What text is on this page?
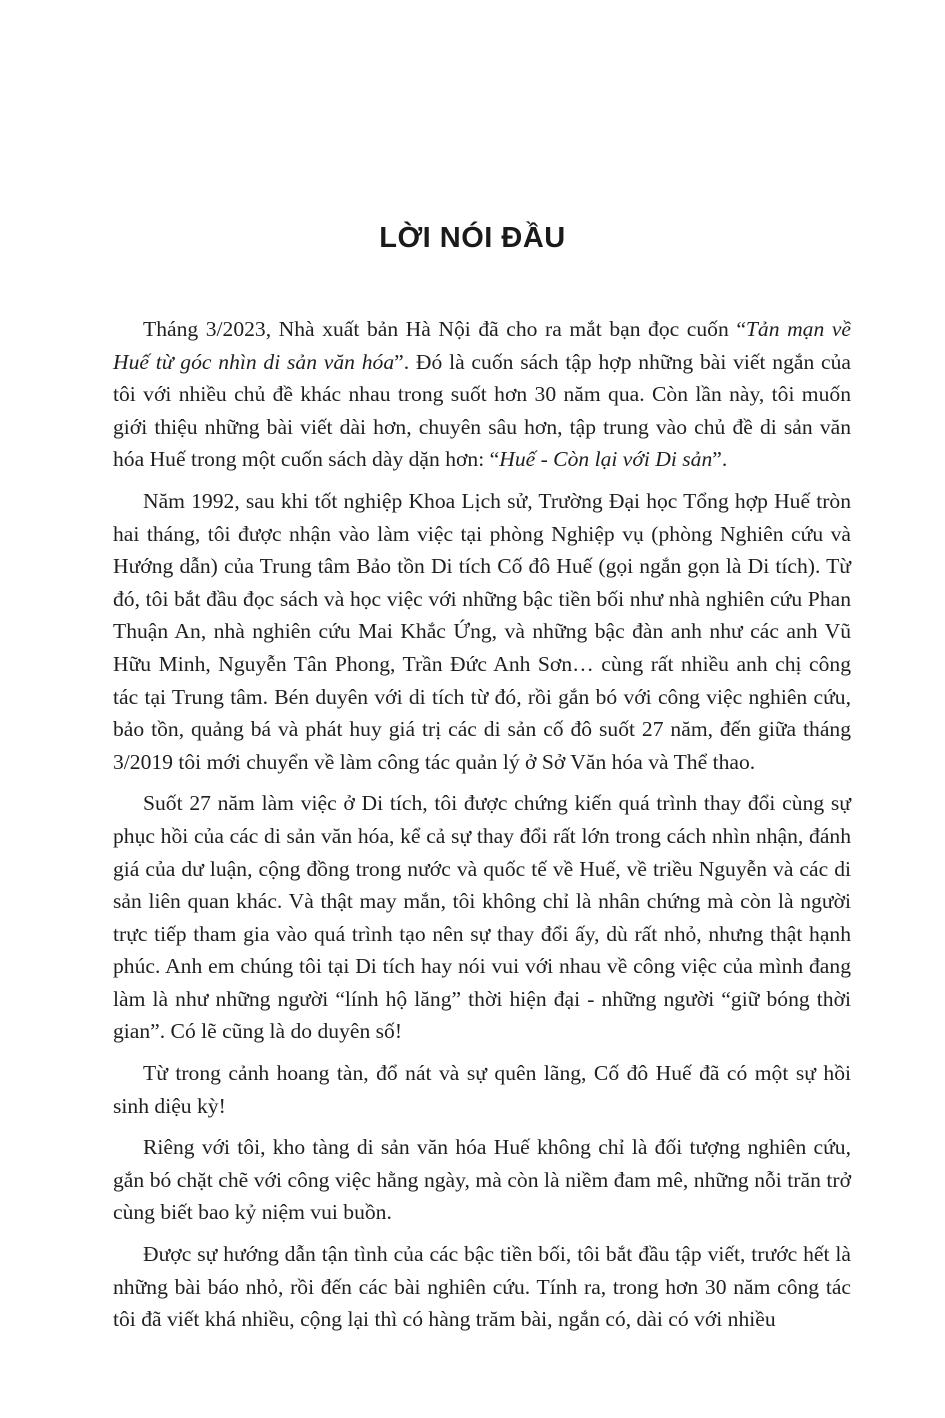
LỜI NÓI ĐẦU

Tháng 3/2023, Nhà xuất bản Hà Nội đã cho ra mắt bạn đọc cuốn “Tản mạn về Huế từ góc nhìn di sản văn hóa”. Đó là cuốn sách tập hợp những bài viết ngắn của tôi với nhiều chủ đề khác nhau trong suốt hơn 30 năm qua. Còn lần này, tôi muốn giới thiệu những bài viết dài hơn, chuyên sâu hơn, tập trung vào chủ đề di sản văn hóa Huế trong một cuốn sách dày dặn hơn: “Huế - Còn lại với Di sản”.

Năm 1992, sau khi tốt nghiệp Khoa Lịch sử, Trường Đại học Tổng hợp Huế tròn hai tháng, tôi được nhận vào làm việc tại phòng Nghiệp vụ (phòng Nghiên cứu và Hướng dẫn) của Trung tâm Bảo tồn Di tích Cố đô Huế (gọi ngắn gọn là Di tích). Từ đó, tôi bắt đầu đọc sách và học việc với những bậc tiền bối như nhà nghiên cứu Phan Thuận An, nhà nghiên cứu Mai Khắc Ứng, và những bậc đàn anh như các anh Vũ Hữu Minh, Nguyễn Tân Phong, Trần Đức Anh Sơn… cùng rất nhiều anh chị công tác tại Trung tâm. Bén duyên với di tích từ đó, rồi gắn bó với công việc nghiên cứu, bảo tồn, quảng bá và phát huy giá trị các di sản cố đô suốt 27 năm, đến giữa tháng 3/2019 tôi mới chuyển về làm công tác quản lý ở Sở Văn hóa và Thể thao.

Suốt 27 năm làm việc ở Di tích, tôi được chứng kiến quá trình thay đổi cùng sự phục hồi của các di sản văn hóa, kể cả sự thay đổi rất lớn trong cách nhìn nhận, đánh giá của dư luận, cộng đồng trong nước và quốc tế về Huế, về triều Nguyễn và các di sản liên quan khác. Và thật may mắn, tôi không chỉ là nhân chứng mà còn là người trực tiếp tham gia vào quá trình tạo nên sự thay đổi ấy, dù rất nhỏ, nhưng thật hạnh phúc. Anh em chúng tôi tại Di tích hay nói vui với nhau về công việc của mình đang làm là như những người “lính hộ lăng” thời hiện đại - những người “giữ bóng thời gian”. Có lẽ cũng là do duyên số!

Từ trong cảnh hoang tàn, đổ nát và sự quên lãng, Cố đô Huế đã có một sự hồi sinh diệu kỳ!

Riêng với tôi, kho tàng di sản văn hóa Huế không chỉ là đối tượng nghiên cứu, gắn bó chặt chẽ với công việc hằng ngày, mà còn là niềm đam mê, những nỗi trăn trở cùng biết bao kỷ niệm vui buồn.

Được sự hướng dẫn tận tình của các bậc tiền bối, tôi bắt đầu tập viết, trước hết là những bài báo nhỏ, rồi đến các bài nghiên cứu. Tính ra, trong hơn 30 năm công tác tôi đã viết khá nhiều, cộng lại thì có hàng trăm bài, ngắn có, dài có với nhiều
